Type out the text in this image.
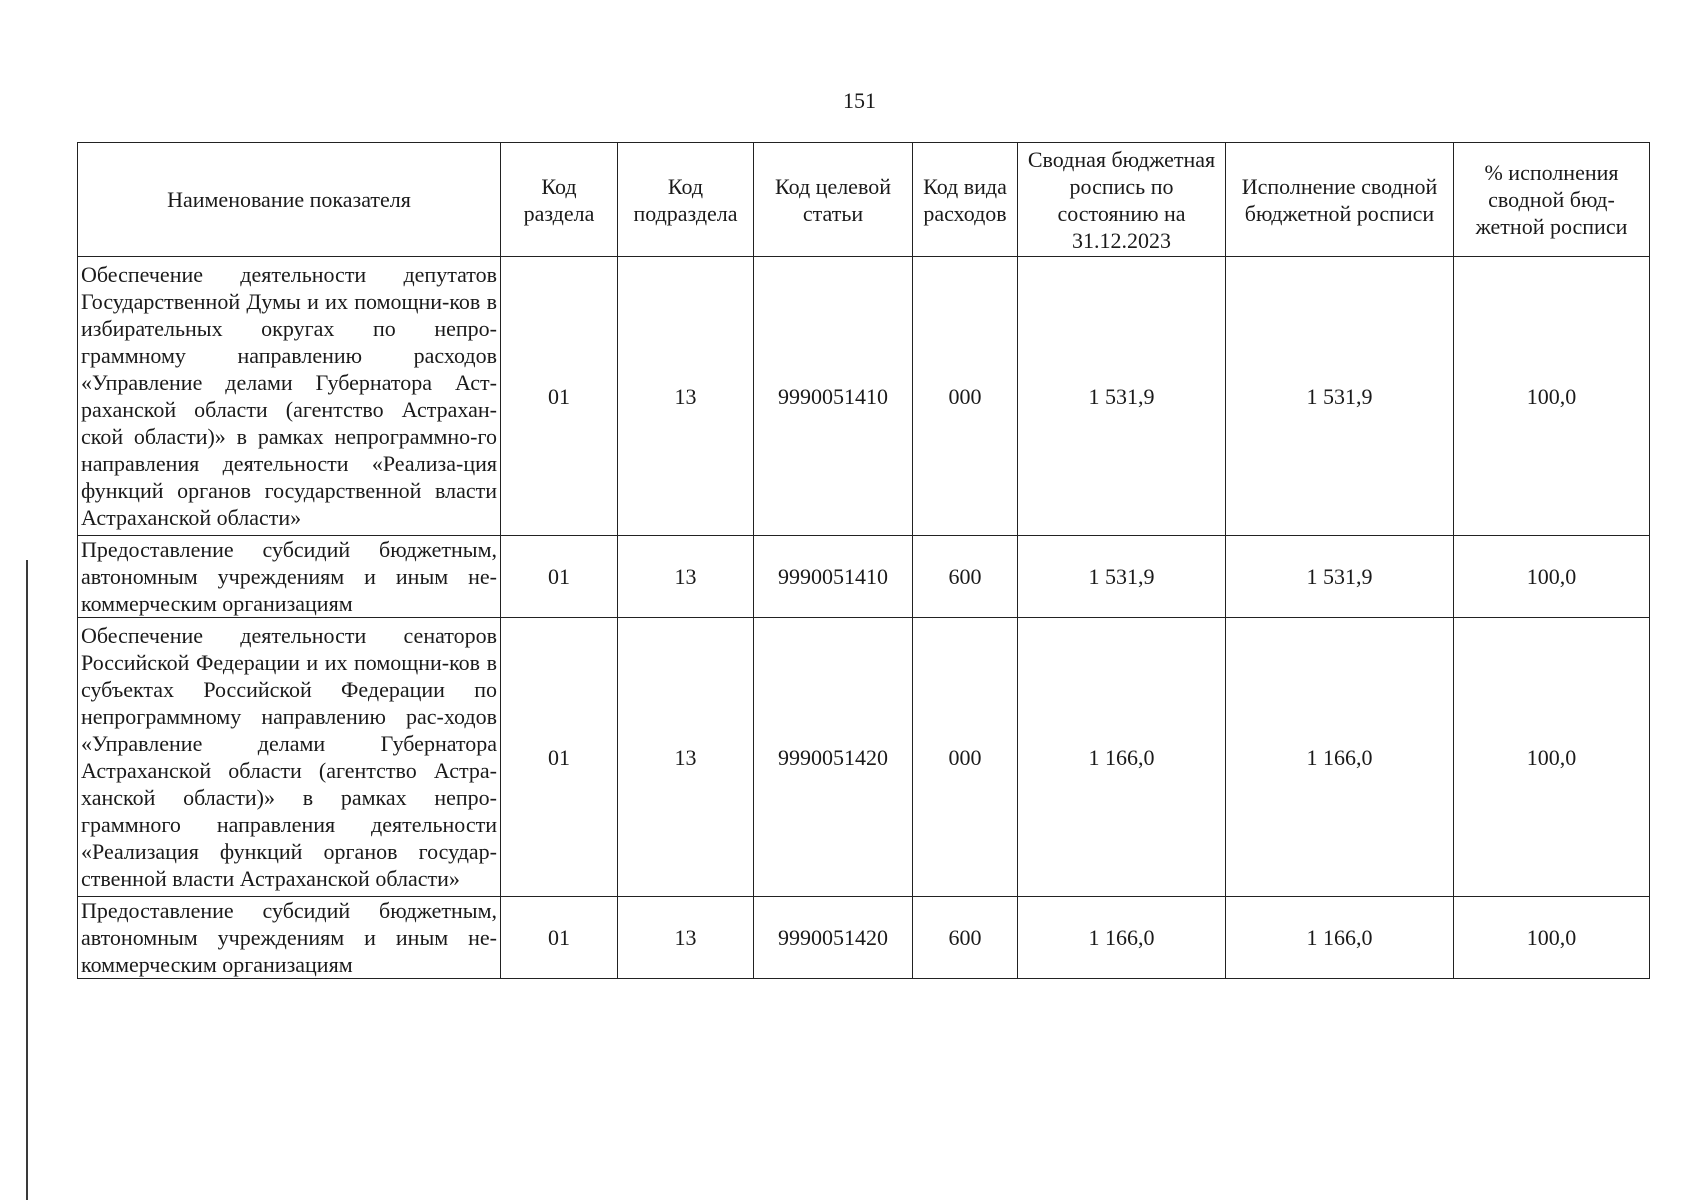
151
Наименование показателя	Код раздела	Код подраздела	Код целевой статьи	Код вида расходов	Сводная бюджетная роспись по состоянию на 31.12.2023	Исполнение сводной бюджетной росписи	% исполнения сводной бюд-жетной росписи
Обеспечение деятельности депутатов Государственной Думы и их помощни-ков в избирательных округах по непро-граммному направлению расходов «Управление делами Губернатора Аст-раханской области (агентство Астрахан-ской области)» в рамках непрограммно-го направления деятельности «Реализа-ция функций органов государственной власти Астраханской области»	01	13	9990051410	000	1 531,9	1 531,9	100,0
Предоставление субсидий бюджетным, автономным учреждениям и иным не-коммерческим организациям	01	13	9990051410	600	1 531,9	1 531,9	100,0
Обеспечение деятельности сенаторов Российской Федерации и их помощни-ков в субъектах Российской Федерации по непрограммному направлению рас-ходов «Управление делами Губернатора Астраханской области (агентство Астра-ханской области)» в рамках непро-граммного направления деятельности «Реализация функций органов государ-ственной власти Астраханской области»	01	13	9990051420	000	1 166,0	1 166,0	100,0
Предоставление субсидий бюджетным, автономным учреждениям и иным не-коммерческим организациям	01	13	9990051420	600	1 166,0	1 166,0	100,0
